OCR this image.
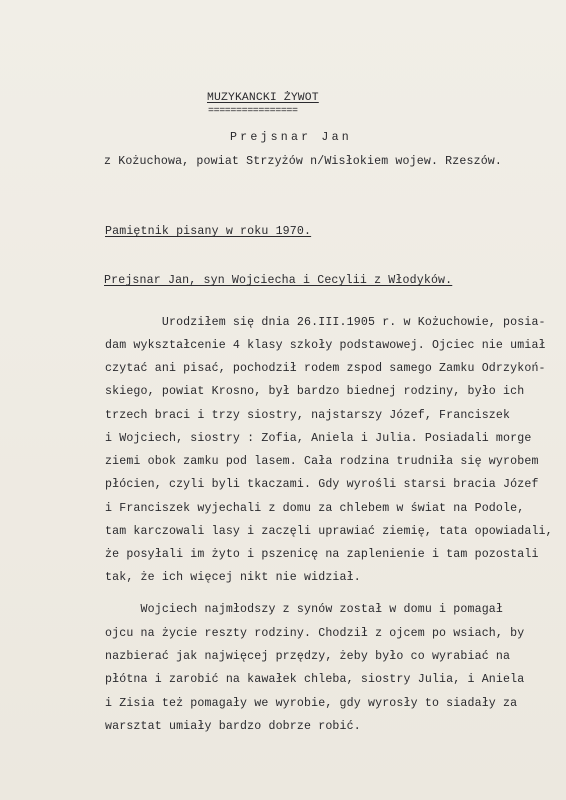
MUZYKANCKI ŻYWOT
================
Prejsnar Jan
z Kożuchowa, powiat Strzyżów n/Wisłokiem wojew. Rzeszów.
Pamiętnik pisany w roku 1970.
Prejsnar Jan, syn Wojciecha i Cecylii z Włodyków.
Urodziłem się dnia 26.III.1905 r. w Kożuchowie, posia-
dam wykształcenie 4 klasy szkoły podstawowej. Ojciec nie umiał
czytać ani pisać, pochodził rodem zspod samego Zamku Odrzykoń-
skiego, powiat Krosno, był bardzo biednej rodziny, było ich
trzech braci i trzy siostry, najstarszy Józef, Franciszek
i Wojciech, siostry : Zofia, Aniela i Julia. Posiadali morge
ziemi obok zamku pod lasem. Cała rodzina trudniła się wyrobem
płócien, czyli byli tkaczami. Gdy wyrośli starsi bracia Józef
i Franciszek wyjechali z domu za chlebem w świat na Podole,
tam karczowali lasy i zaczęli uprawiać ziemię, tata opowiadali,
że posyłali im żyto i pszenicę na zaplenienie i tam pozostali
tak, że ich więcej nikt nie widział.
Wojciech najmłodszy z synów został w domu i pomagał
ojcu na życie reszty rodziny. Chodził z ojcem po wsiach, by
nazbierać jak najwięcej przędzy, żeby było co wyrabiać na
płótna i zarobić na kawałek chleba, siostry Julia, i Aniela
i Zisia też pomagały we wyrobie, gdy wyrosły to siadały za
warsztat umiały bardzo dobrze robić.
